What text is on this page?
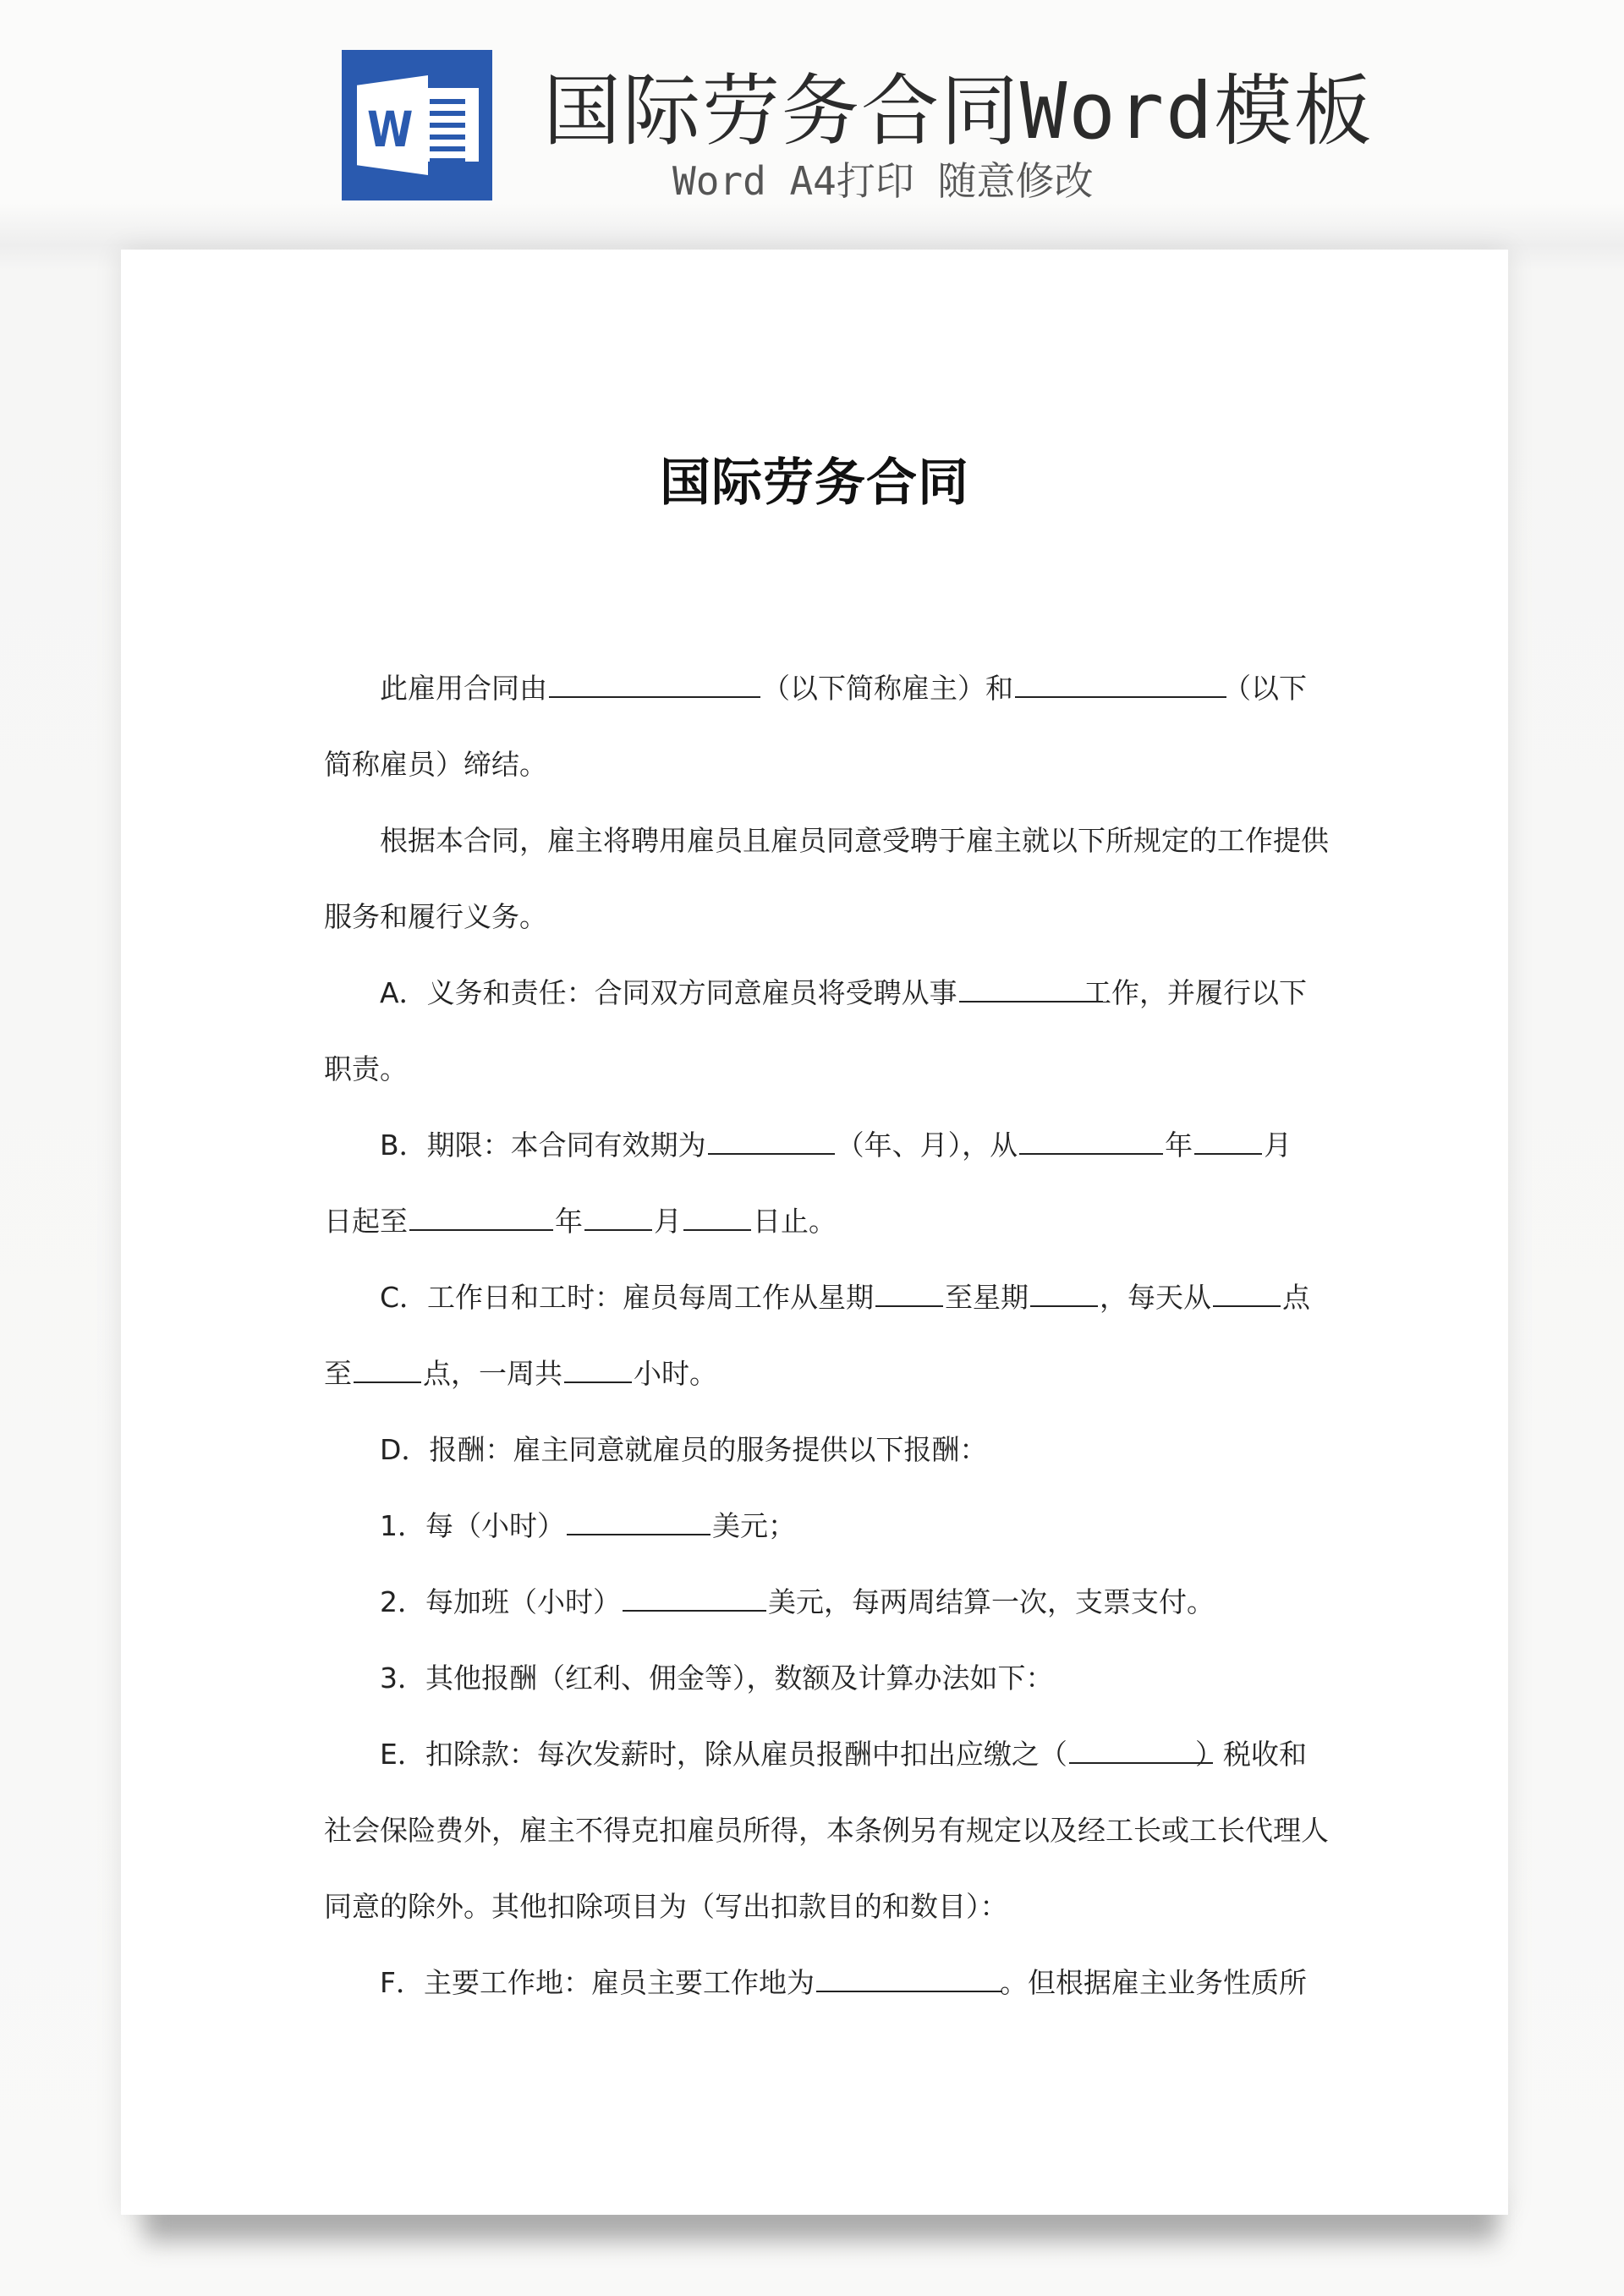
W 国际劳务合同Word模板
Word A4打印 随意修改
国际劳务合同
此雇用合同由	（以下简称雇主）和	（以下
简称雇员）缔结。
根据本合同，雇主将聘用雇员且雇员同意受聘于雇主就以下所规定的工作提供
服务和履行义务。
A．义务和责任：合同双方同意雇员将受聘从事	工作，并履行以下
职责。
B．期限：本合同有效期为	（年、月），从	年	月
日起至	年	月	日止。
C．工作日和工时：雇员每周工作从星期	至星期	，每天从	点
至	点，一周共	小时。
D．报酬：雇主同意就雇员的服务提供以下报酬：
1．每（小时）	美元；
2．每加班（小时）	美元，每两周结算一次，支票支付。
3．其他报酬（红利、佣金等），数额及计算办法如下：
E．扣除款：每次发薪时，除从雇员报酬中扣出应缴之（	）税收和
社会保险费外，雇主不得克扣雇员所得，本条例另有规定以及经工长或工长代理人
同意的除外。其他扣除项目为（写出扣款目的和数目）：
F．主要工作地：雇员主要工作地为	。但根据雇主业务性质所
